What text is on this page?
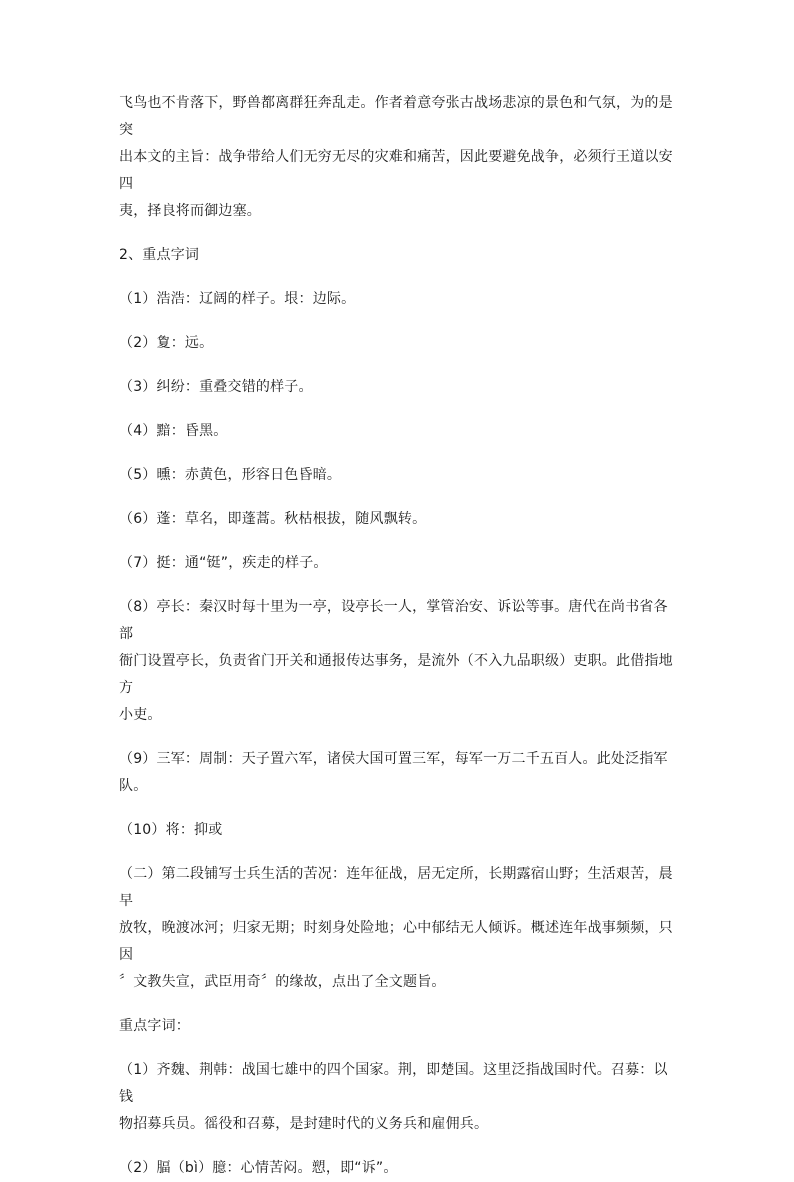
飞鸟也不肯落下，野兽都离群狂奔乱走。作者着意夸张古战场悲凉的景色和气氛，为的是突
出本文的主旨：战争带给人们无穷无尽的灾难和痛苦，因此要避免战争，必须行王道以安四
夷，择良将而御边塞。

2、重点字词

（1）浩浩：辽阔的样子。垠：边际。

（2）夐：远。

（3）纠纷：重叠交错的样子。

（4）黯：昏黑。

（5）曛：赤黄色，形容日色昏暗。

（6）蓬：草名，即蓬蒿。秋枯根拔，随风飘转。

（7）挺：通“铤”，疾走的样子。

（8）亭长：秦汉时每十里为一亭，设亭长一人，掌管治安、诉讼等事。唐代在尚书省各部
衙门设置亭长，负责省门开关和通报传达事务，是流外（不入九品职级）吏职。此借指地方
小吏。

（9）三军：周制：天子置六军，诸侯大国可置三军，每军一万二千五百人。此处泛指军队。

（10）将：抑或

（二）第二段铺写士兵生活的苦况：连年征战，居无定所，长期露宿山野；生活艰苦，晨早
放牧，晚渡冰河；归家无期；时刻身处险地；心中郁结无人倾诉。概述连年战事频频，只因
〞文教失宣，武臣用奇〞的缘故，点出了全文题旨。

重点字词：

（1）齐魏、荆韩：战国七雄中的四个国家。荆，即楚国。这里泛指战国时代。召募：以钱
物招募兵员。徭役和召募，是封建时代的义务兵和雇佣兵。

（2）腷（bì）臆：心情苦闷。愬，即“诉”。
